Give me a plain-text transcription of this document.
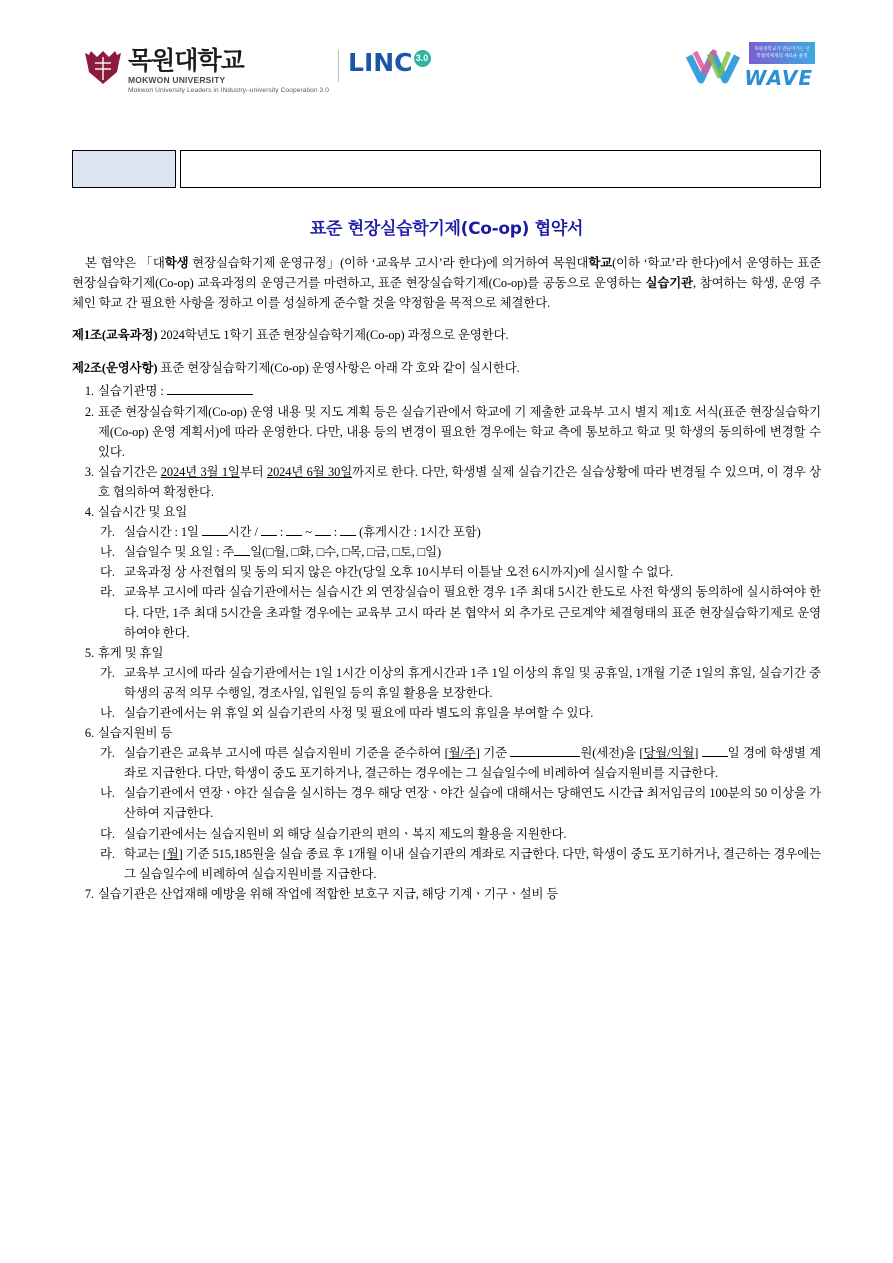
목원대학교
MOKWON UNIVERSITY
Mokwon University Leaders in INdustry–university Cooperation 3.0
LINC 3.0
목원대학교가 만들어가는 산학협력체계의 새로운 물결
WAVE
표준 현장실습학기제(Co-op) 협약서

본 협약은 「대학생 현장실습학기제 운영규정」(이하 ‘교육부 고시’라 한다)에 의거하여 목원대학교(이하 ‘학교’라 한다)에서 운영하는 표준 현장실습학기제(Co-op) 교육과정의 운영근거를 마련하고, 표준 현장실습학기제(Co-op)를 공동으로 운영하는 실습기관, 참여하는 학생, 운영 주체인 학교 간 필요한 사항을 정하고 이를 성실하게 준수할 것을 약정함을 목적으로 체결한다.

제1조(교육과정) 2024학년도 1학기 표준 현장실습학기제(Co-op) 과정으로 운영한다.

제2조(운영사항) 표준 현장실습학기제(Co-op) 운영사항은 아래 각 호와 같이 실시한다.

1. 실습기관명 :
2. 표준 현장실습학기제(Co-op) 운영 내용 및 지도 계획 등은 실습기관에서 학교에 기 제출한 교육부 고시 별지 제1호 서식(표준 현장실습학기제(Co-op) 운영 계획서)에 따라 운영한다. 다만, 내용 등의 변경이 필요한 경우에는 학교 측에 통보하고 학교 및 학생의 동의하에 변경할 수 있다.
3. 실습기간은 2024년 3월 1일부터 2024년 6월 30일까지로 한다. 다만, 학생별 실제 실습기간은 실습상황에 따라 변경될 수 있으며, 이 경우 상호 협의하여 확정한다.
4. 실습시간 및 요일
가. 실습시간 : 1일 시간 /  :  ~  :  (휴게시간 : 1시간 포함)
나. 실습일수 및 요일 : 주 일(□월, □화, □수, □목, □금, □토, □일)
다. 교육과정 상 사전협의 및 동의 되지 않은 야간(당일 오후 10시부터 이튿날 오전 6시까지)에 실시할 수 없다.
라. 교육부 고시에 따라 실습기관에서는 실습시간 외 연장실습이 필요한 경우 1주 최대 5시간 한도로 사전 학생의 동의하에 실시하여야 한다. 다만, 1주 최대 5시간을 초과할 경우에는 교육부 고시 따라 본 협약서 외 추가로 근로계약 체결형태의 표준 현장실습학기제로 운영하여야 한다.
5. 휴게 및 휴일
가. 교육부 고시에 따라 실습기관에서는 1일 1시간 이상의 휴게시간과 1주 1일 이상의 휴일 및 공휴일, 1개월 기준 1일의 휴일, 실습기간 중 학생의 공적 의무 수행일, 경조사일, 입원일 등의 휴일 활용을 보장한다.
나. 실습기관에서는 위 휴일 외 실습기관의 사정 및 필요에 따라 별도의 휴일을 부여할 수 있다.
6. 실습지원비 등
가. 실습기관은 교육부 고시에 따른 실습지원비 기준을 준수하여 [월/주] 기준	원(세전)을 [당월/익월] 일 경에 학생별 계좌로 지급한다. 다만, 학생이 중도 포기하거나, 결근하는 경우에는 그 실습일수에 비례하여 실습지원비를 지급한다.
나. 실습기관에서 연장ㆍ야간 실습을 실시하는 경우 해당 연장ㆍ야간 실습에 대해서는 당해연도 시간급 최저임금의 100분의 50 이상을 가산하여 지급한다.
다. 실습기관에서는 실습지원비 외 해당 실습기관의 편의ㆍ복지 제도의 활용을 지원한다.
라. 학교는 [월] 기준 515,185원을 실습 종료 후 1개월 이내 실습기관의 계좌로 지급한다. 다만, 학생이 중도 포기하거나, 결근하는 경우에는 그 실습일수에 비례하여 실습지원비를 지급한다.
7. 실습기관은 산업재해 예방을 위해 작업에 적합한 보호구 지급, 해당 기계ㆍ기구ㆍ설비 등
